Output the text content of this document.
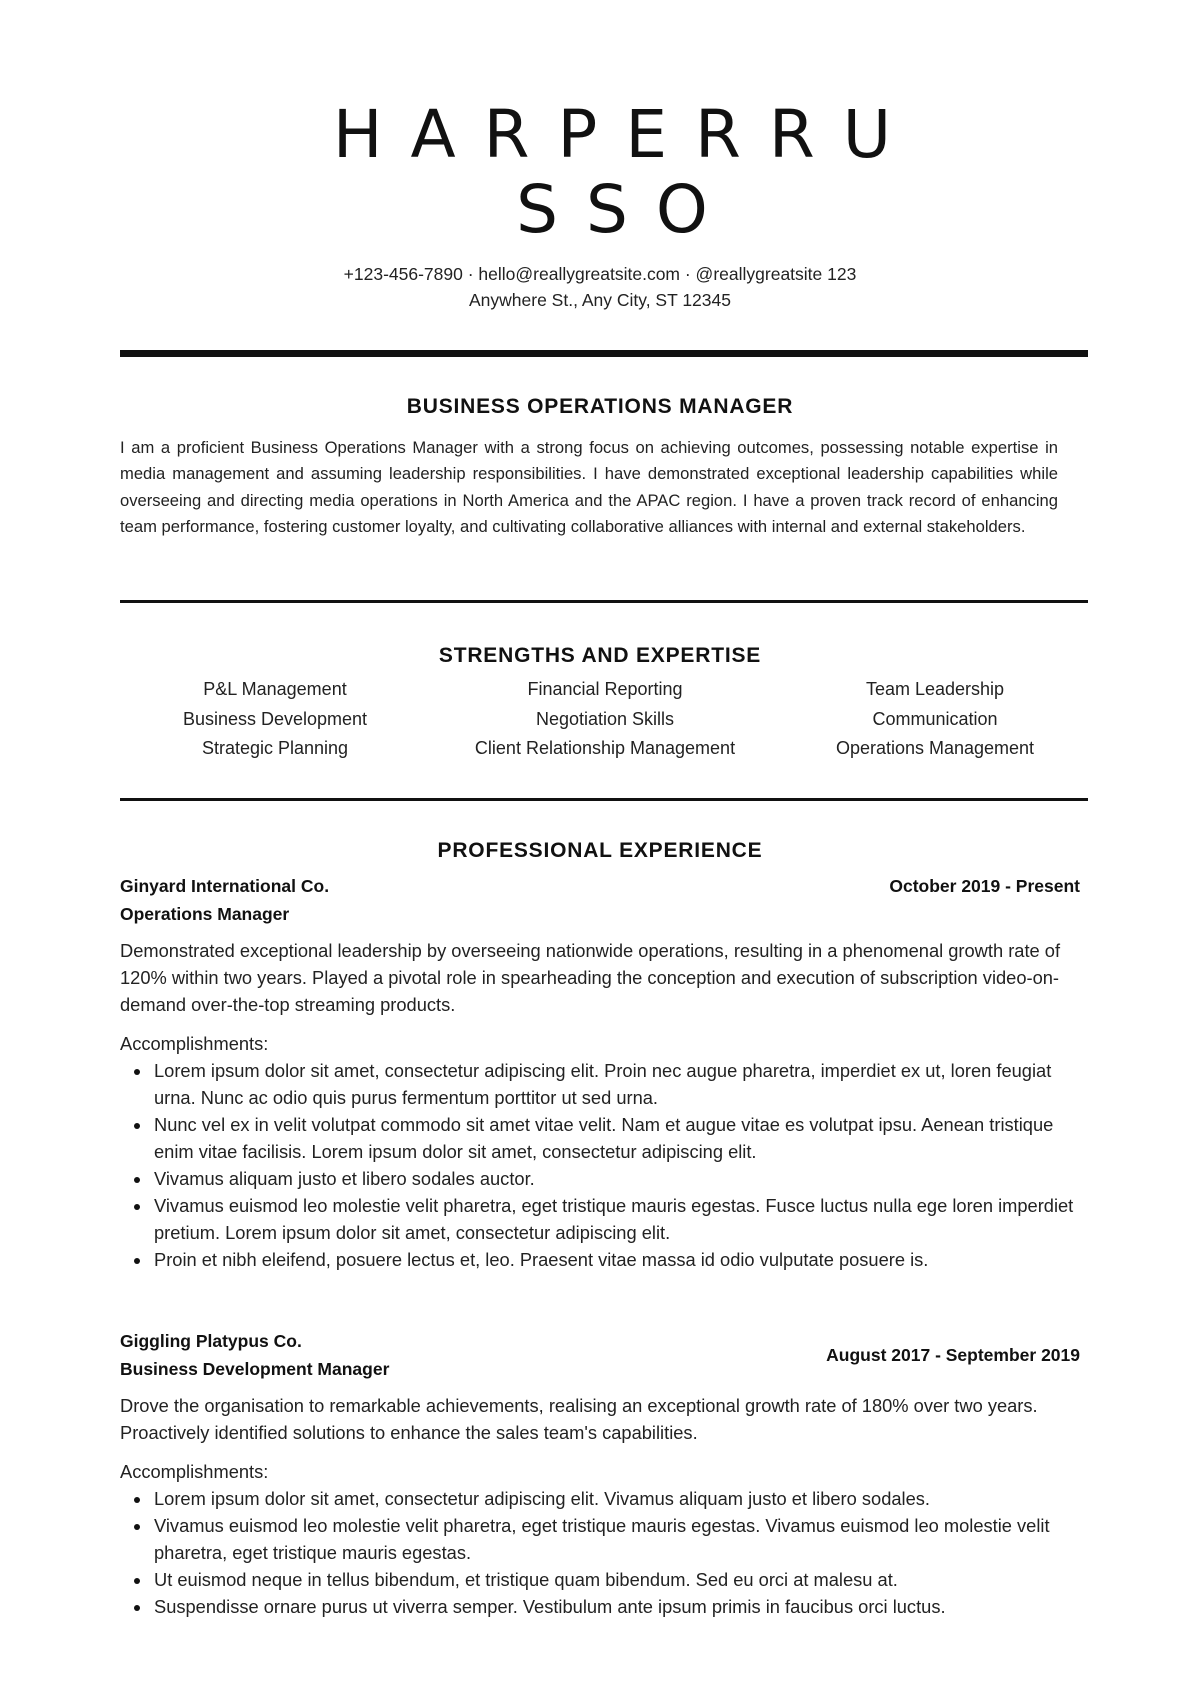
HARPERRU
SSO
+123-456-7890 · hello@reallygreatsite.com · @reallygreatsite 123
Anywhere St., Any City, ST 12345
BUSINESS OPERATIONS MANAGER

I am a proficient Business Operations Manager with a strong focus on achieving outcomes, possessing notable expertise in media management and assuming leadership responsibilities. I have demonstrated exceptional leadership capabilities while overseeing and directing media operations in North America and the APAC region. I have a proven track record of enhancing team performance, fostering customer loyalty, and cultivating collaborative alliances with internal and external stakeholders.

STRENGTHS AND EXPERTISE
P&L Management	Financial Reporting	Team Leadership
Business Development	Negotiation Skills	Communication
Strategic Planning	Client Relationship Management	Operations Management
PROFESSIONAL EXPERIENCE
October 2019 - Present

Ginyard International Co.

Operations Manager

Demonstrated exceptional leadership by overseeing nationwide operations, resulting in a phenomenal growth rate of 120% within two years. Played a pivotal role in spearheading the conception and execution of subscription video-on-demand over-the-top streaming products.

Accomplishments:

Lorem ipsum dolor sit amet, consectetur adipiscing elit. Proin nec augue pharetra, imperdiet ex ut, loren feugiat urna. Nunc ac odio quis purus fermentum porttitor ut sed urna.
Nunc vel ex in velit volutpat commodo sit amet vitae velit. Nam et augue vitae es volutpat ipsu. Aenean tristique enim vitae facilisis. Lorem ipsum dolor sit amet, consectetur adipiscing elit.
Vivamus aliquam justo et libero sodales auctor.
Vivamus euismod leo molestie velit pharetra, eget tristique mauris egestas. Fusce luctus nulla ege loren imperdiet pretium. Lorem ipsum dolor sit amet, consectetur adipiscing elit.
Proin et nibh eleifend, posuere lectus et, leo. Praesent vitae massa id odio vulputate posuere is.
August 2017 - September 2019

Giggling Platypus Co.

Business Development Manager

Drove the organisation to remarkable achievements, realising an exceptional growth rate of 180% over two years. Proactively identified solutions to enhance the sales team's capabilities.

Accomplishments:

Lorem ipsum dolor sit amet, consectetur adipiscing elit. Vivamus aliquam justo et libero sodales.
Vivamus euismod leo molestie velit pharetra, eget tristique mauris egestas. Vivamus euismod leo molestie velit pharetra, eget tristique mauris egestas.
Ut euismod neque in tellus bibendum, et tristique quam bibendum. Sed eu orci at malesu at.
Suspendisse ornare purus ut viverra semper. Vestibulum ante ipsum primis in faucibus orci luctus.
